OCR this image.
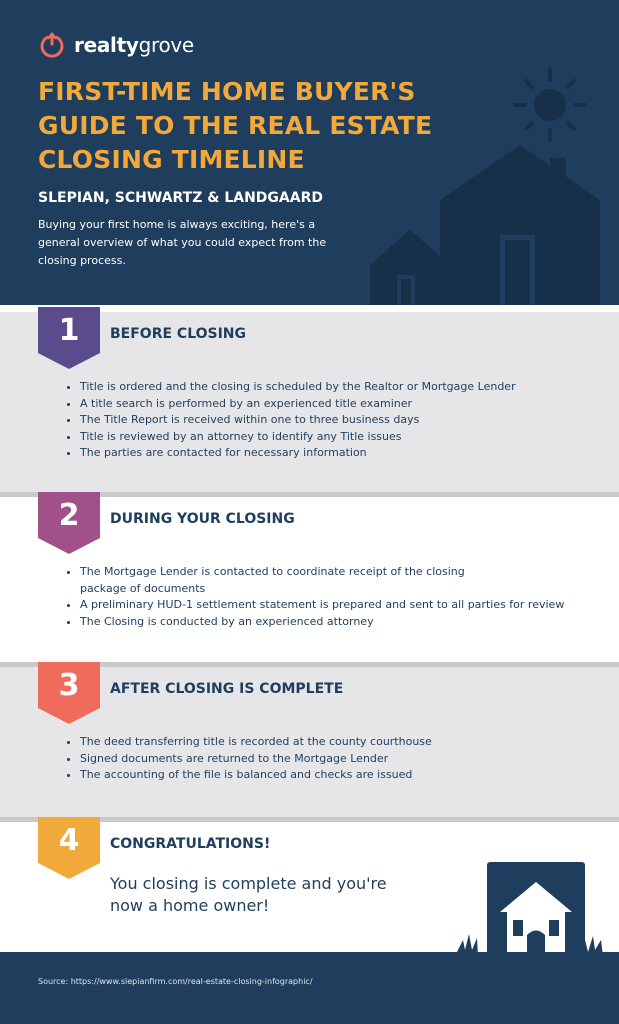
realtygrove
FIRST-TIME HOME BUYER'S GUIDE TO THE REAL ESTATE CLOSING TIMELINE
SLEPIAN, SCHWARTZ & LANDGAARD
Buying your first home is always exciting, here's a general overview of what you could expect from the closing process.
1	BEFORE CLOSING
• Title is ordered and the closing is scheduled by the Realtor or Mortgage Lender
• A title search is performed by an experienced title examiner
• The Title Report is received within one to three business days
• Title is reviewed by an attorney to identify any Title issues
• The parties are contacted for necessary information
2	DURING YOUR CLOSING
• The Mortgage Lender is contacted to coordinate receipt of the closing package of documents
• A preliminary HUD-1 settlement statement is prepared and sent to all parties for review
• The Closing is conducted by an experienced attorney
3	AFTER CLOSING IS COMPLETE
• The deed transferring title is recorded at the county courthouse
• Signed documents are returned to the Mortgage Lender
• The accounting of the file is balanced and checks are issued
4	CONGRATULATIONS!
You closing is complete and you're now a home owner!
Source: https://www.slepianfirm.com/real-estate-closing-infographic/
